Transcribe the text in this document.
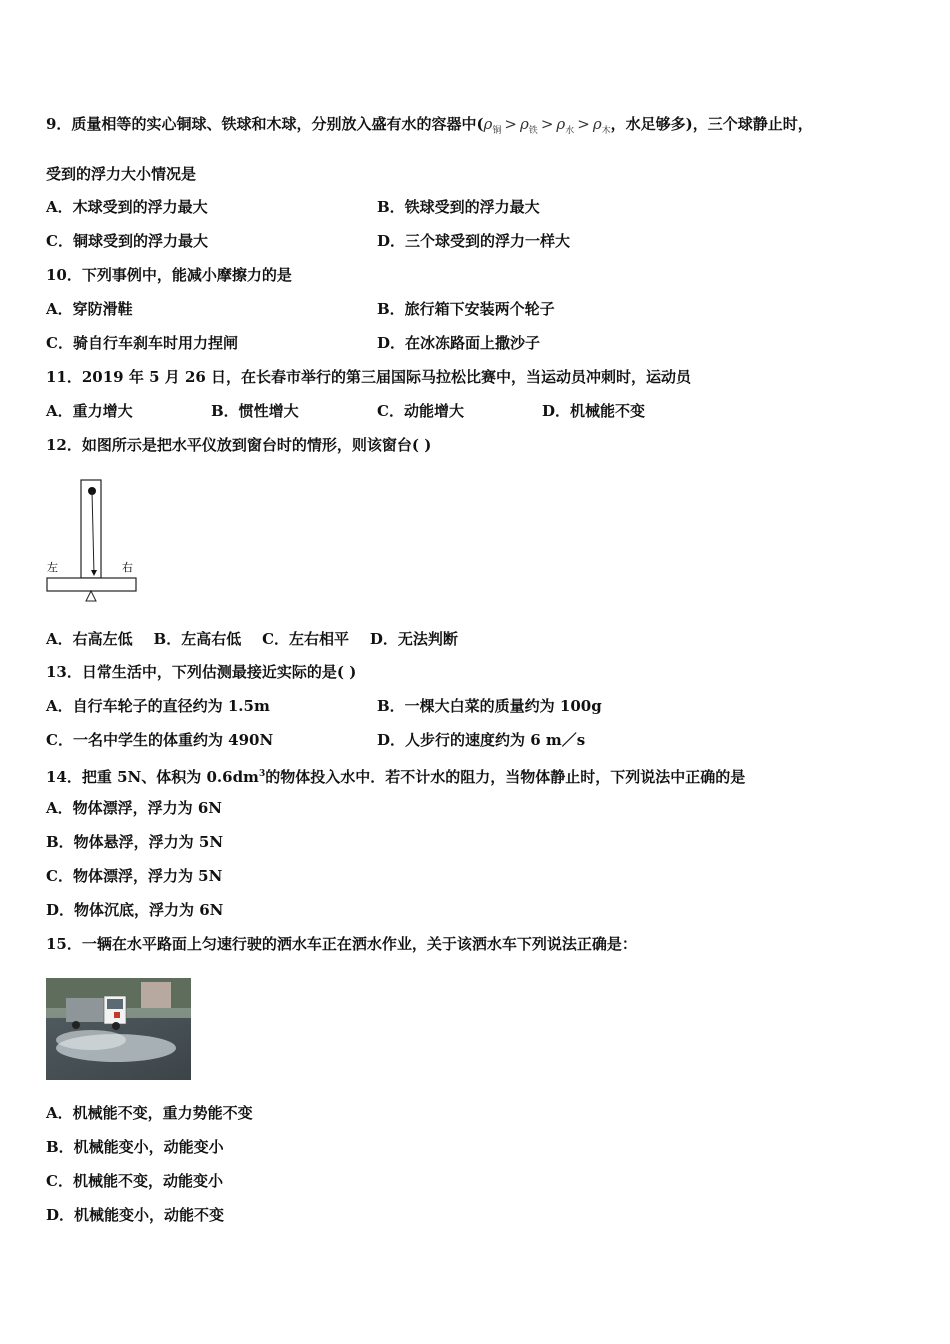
9．质量相等的实心铜球、铁球和木球，分别放入盛有水的容器中($\rho_铜 > \rho_铁 > \rho_水 > \rho_木$，水足够多)，三个球静止时，
受到的浮力大小情况是
A．木球受到的浮力最大	B．铁球受到的浮力最大
C．铜球受到的浮力最大	D．三个球受到的浮力一样大
10．下列事例中，能减小摩擦力的是
A．穿防滑鞋	B．旅行箱下安装两个轮子
C．骑自行车刹车时用力捏闸	D．在冰冻路面上撒沙子
11．2019 年 5 月 26 日，在长春市举行的第三届国际马拉松比赛中，当运动员冲刺时，运动员
A．重力增大	B．惯性增大	C．动能增大	D．机械能不变
12．如图所示是把水平仪放到窗台时的情形，则该窗台( )
左	右
A．右高左低    B．左高右低    C．左右相平    D．无法判断
13．日常生活中，下列估测最接近实际的是( )
A．自行车轮子的直径约为 1.5m	B．一棵大白菜的质量约为 100g
C．一名中学生的体重约为 490N	D．人步行的速度约为 6 m／s
14．把重 5N、体积为 $0.6dm^3$的物体投入水中．若不计水的阻力，当物体静止时，下列说法中正确的是
A．物体漂浮，浮力为 6N
B．物体悬浮，浮力为 5N
C．物体漂浮，浮力为 5N
D．物体沉底，浮力为 6N
15．一辆在水平路面上匀速行驶的洒水车正在洒水作业，关于该洒水车下列说法正确是：
A．机械能不变，重力势能不变
B．机械能变小，动能变小
C．机械能不变，动能变小
D．机械能变小，动能不变
